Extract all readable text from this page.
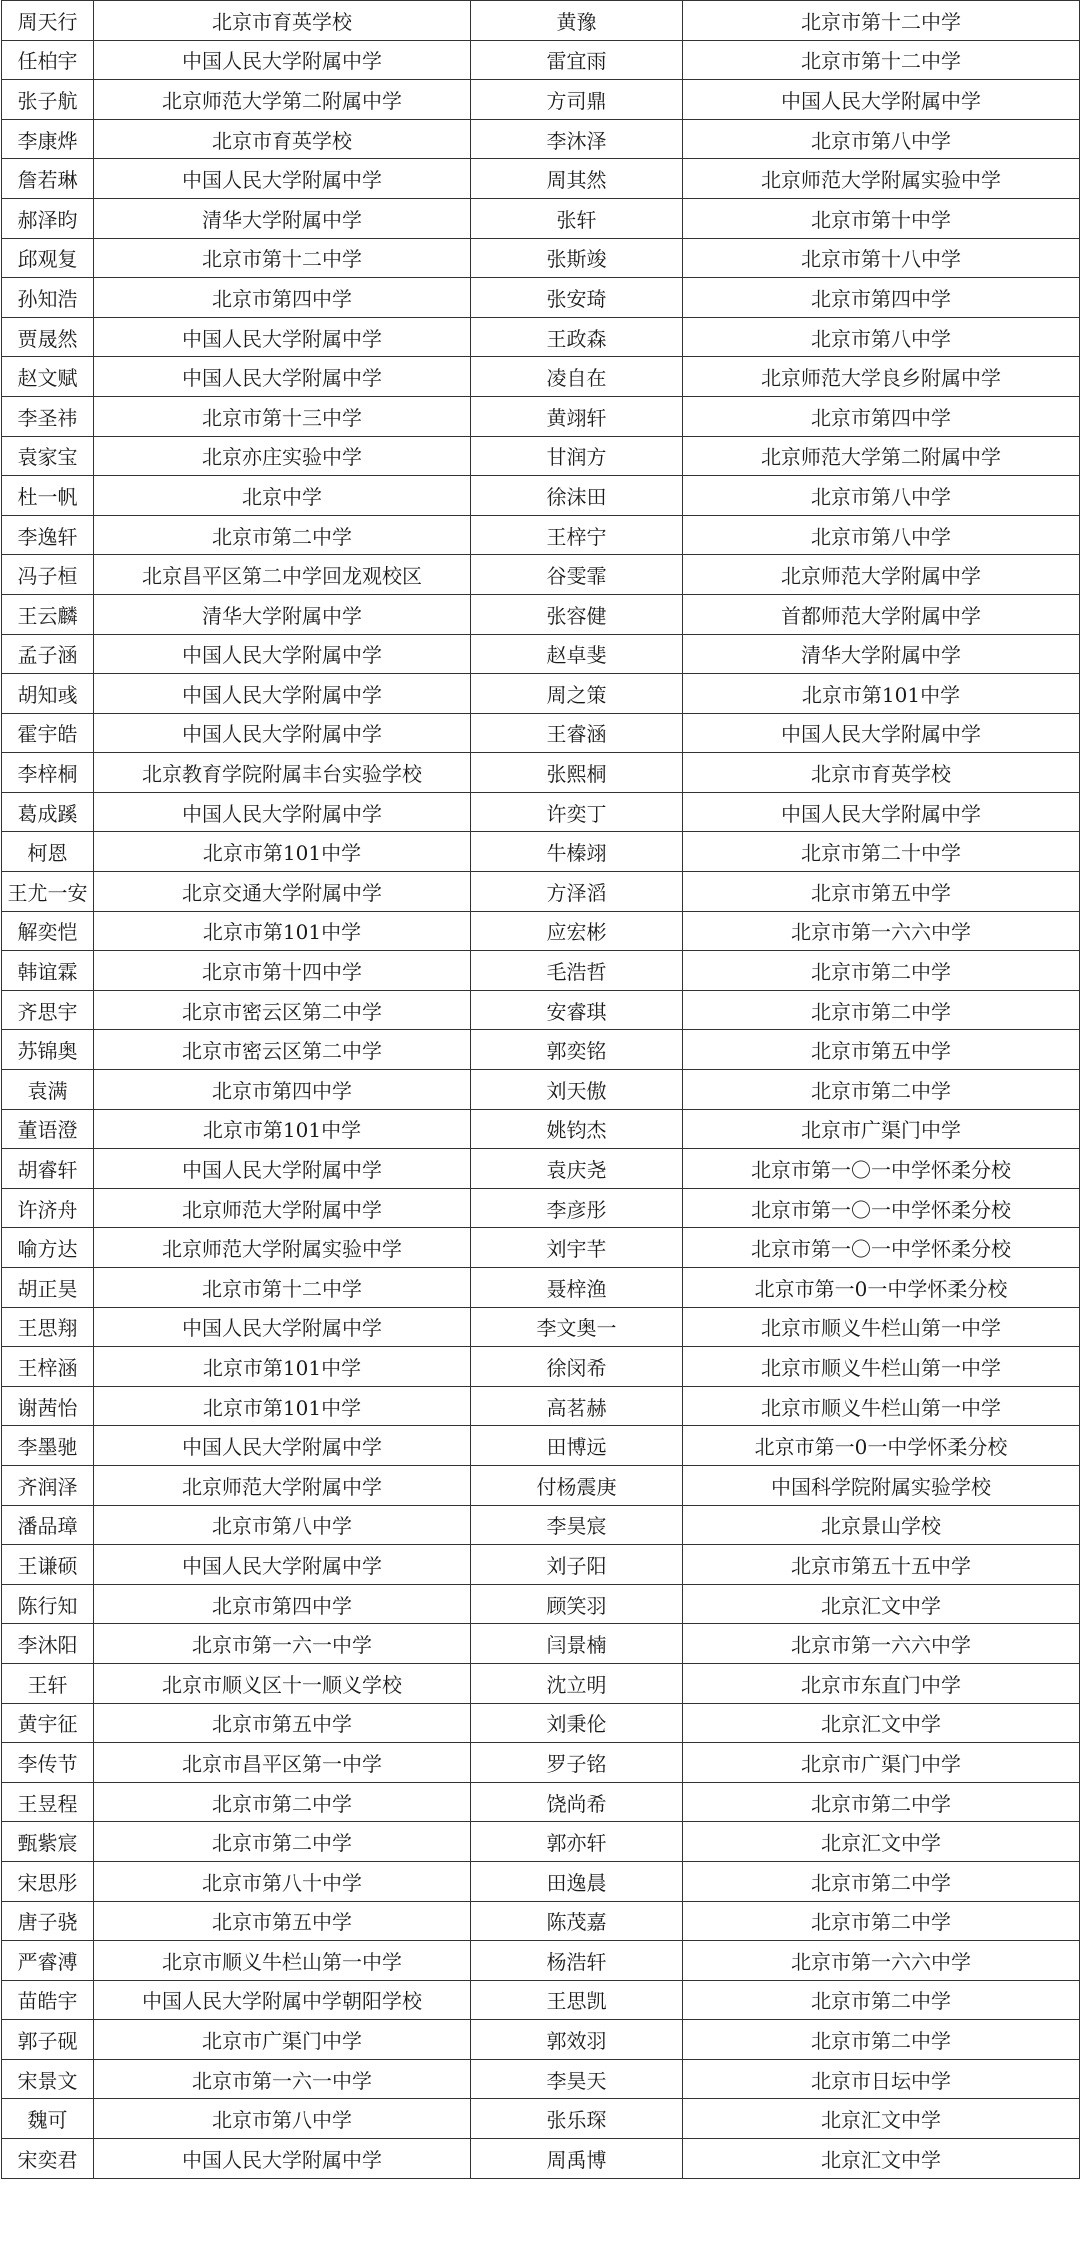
周天行	北京市育英学校	黄豫	北京市第十二中学
任柏宇	中国人民大学附属中学	雷宜雨	北京市第十二中学
张子航	北京师范大学第二附属中学	方司鼎	中国人民大学附属中学
李康烨	北京市育英学校	李沐泽	北京市第八中学
詹若琳	中国人民大学附属中学	周其然	北京师范大学附属实验中学
郝泽昀	清华大学附属中学	张轩	北京市第十中学
邱观复	北京市第十二中学	张斯竣	北京市第十八中学
孙知浩	北京市第四中学	张安琦	北京市第四中学
贾晟然	中国人民大学附属中学	王政森	北京市第八中学
赵文赋	中国人民大学附属中学	凌自在	北京师范大学良乡附属中学
李圣祎	北京市第十三中学	黄翊轩	北京市第四中学
袁家宝	北京亦庄实验中学	甘润方	北京师范大学第二附属中学
杜一帆	北京中学	徐沫田	北京市第八中学
李逸轩	北京市第二中学	王梓宁	北京市第八中学
冯子桓	北京昌平区第二中学回龙观校区	谷雯霏	北京师范大学附属中学
王云麟	清华大学附属中学	张容健	首都师范大学附属中学
孟子涵	中国人民大学附属中学	赵卓斐	清华大学附属中学
胡知彧	中国人民大学附属中学	周之策	北京市第101中学
霍宇皓	中国人民大学附属中学	王睿涵	中国人民大学附属中学
李梓桐	北京教育学院附属丰台实验学校	张熙桐	北京市育英学校
葛成蹊	中国人民大学附属中学	许奕丁	中国人民大学附属中学
柯恩	北京市第101中学	牛榛翊	北京市第二十中学
王尤一安	北京交通大学附属中学	方泽滔	北京市第五中学
解奕恺	北京市第101中学	应宏彬	北京市第一六六中学
韩谊霖	北京市第十四中学	毛浩哲	北京市第二中学
齐思宇	北京市密云区第二中学	安睿琪	北京市第二中学
苏锦奥	北京市密云区第二中学	郭奕铭	北京市第五中学
袁满	北京市第四中学	刘天傲	北京市第二中学
董语澄	北京市第101中学	姚钧杰	北京市广渠门中学
胡睿轩	中国人民大学附属中学	袁庆尧	北京市第一〇一中学怀柔分校
许济舟	北京师范大学附属中学	李彦彤	北京市第一〇一中学怀柔分校
喻方达	北京师范大学附属实验中学	刘宇芊	北京市第一〇一中学怀柔分校
胡正昊	北京市第十二中学	聂梓渔	北京市第一0一中学怀柔分校
王思翔	中国人民大学附属中学	李文奥一	北京市顺义牛栏山第一中学
王梓涵	北京市第101中学	徐闵希	北京市顺义牛栏山第一中学
谢茜怡	北京市第101中学	高茗赫	北京市顺义牛栏山第一中学
李墨驰	中国人民大学附属中学	田博远	北京市第一0一中学怀柔分校
齐润泽	北京师范大学附属中学	付杨震庚	中国科学院附属实验学校
潘品璋	北京市第八中学	李昊宸	北京景山学校
王谦硕	中国人民大学附属中学	刘子阳	北京市第五十五中学
陈行知	北京市第四中学	顾笑羽	北京汇文中学
李沐阳	北京市第一六一中学	闫景楠	北京市第一六六中学
王轩	北京市顺义区十一顺义学校	沈立明	北京市东直门中学
黄宇征	北京市第五中学	刘秉伦	北京汇文中学
李传节	北京市昌平区第一中学	罗子铭	北京市广渠门中学
王昱程	北京市第二中学	饶尚希	北京市第二中学
甄紫宸	北京市第二中学	郭亦轩	北京汇文中学
宋思彤	北京市第八十中学	田逸晨	北京市第二中学
唐子骁	北京市第五中学	陈茂嘉	北京市第二中学
严睿溥	北京市顺义牛栏山第一中学	杨浩轩	北京市第一六六中学
苗皓宇	中国人民大学附属中学朝阳学校	王思凯	北京市第二中学
郭子砚	北京市广渠门中学	郭效羽	北京市第二中学
宋景文	北京市第一六一中学	李昊天	北京市日坛中学
魏可	北京市第八中学	张乐琛	北京汇文中学
宋奕君	中国人民大学附属中学	周禹博	北京汇文中学
